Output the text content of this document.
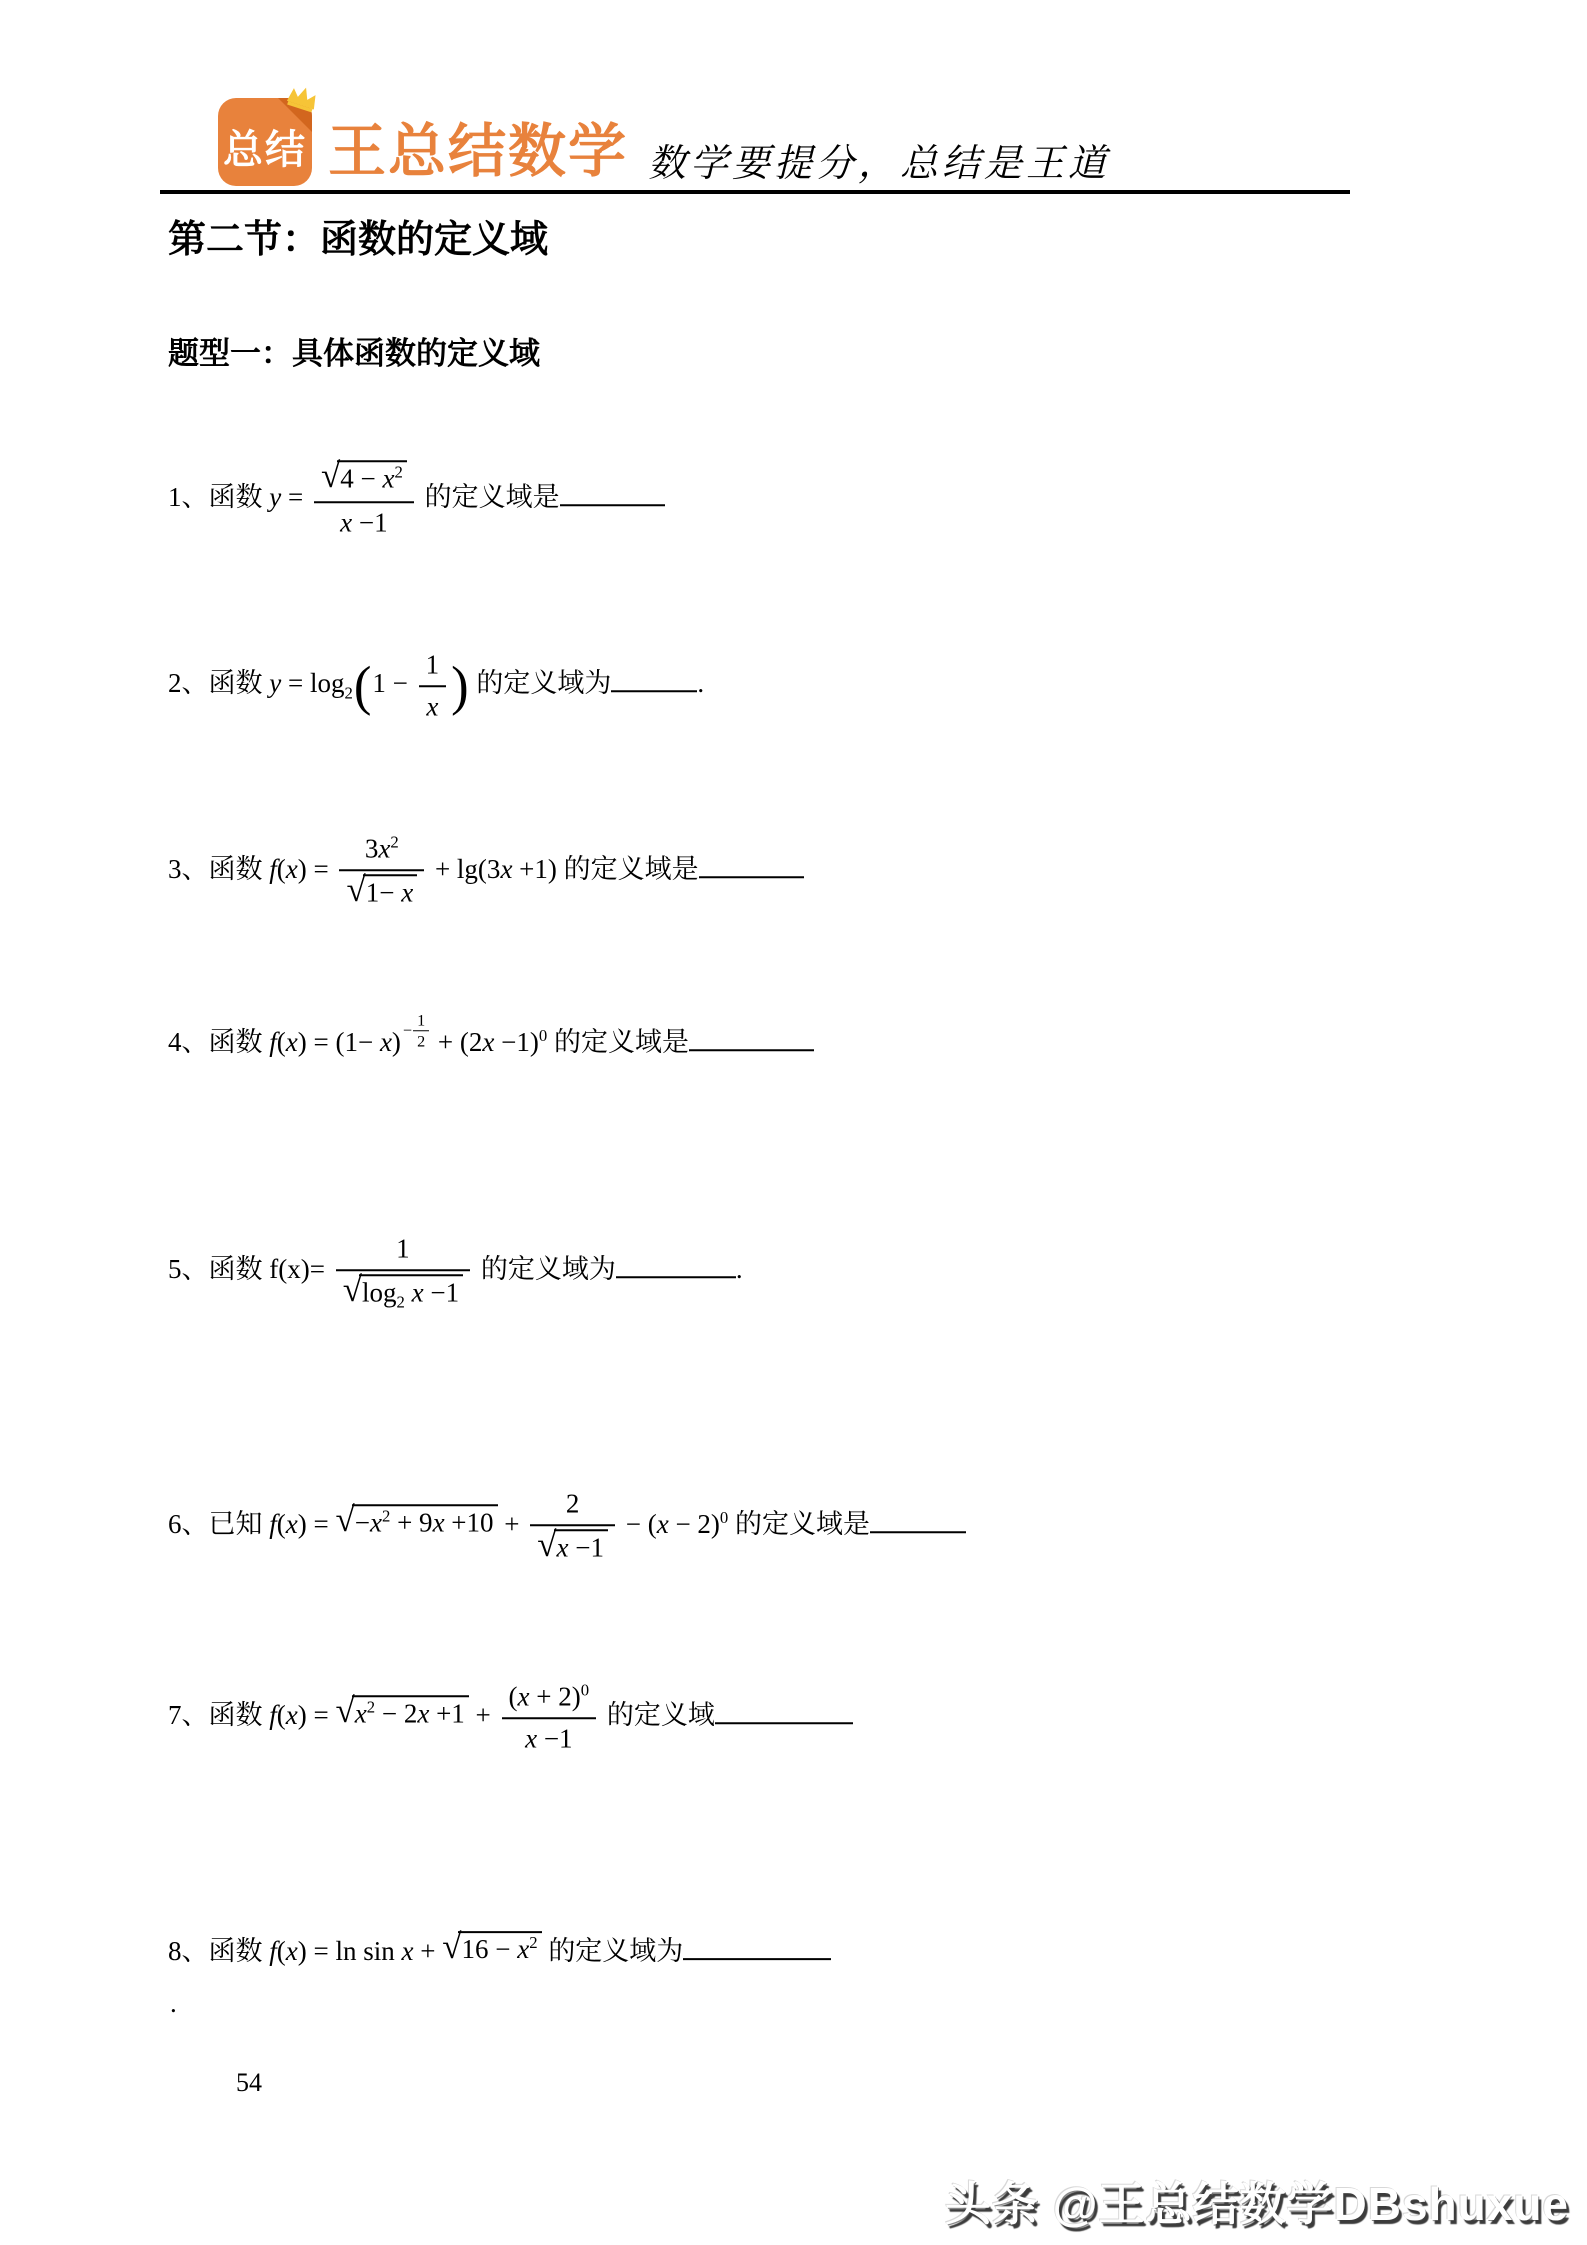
总结 王总结数学 数学要提分，总结是王道
第二节：函数的定义域
题型一：具体函数的定义域
1、函数 $y = \frac{√ 4 - x^2}{x -1}$ 的定义域是
2、函数 $y = \log_2(1 - \frac{1}{x}$ ) 的定义域为	.
3、函数 $f(x) = \frac{3x^2}{√ 1- x} + \lg(3x +1)$ 的定义域是
4、函数 $f(x) = (1- x) - \frac{1}{2} + (2x -1)^0$ 的定义域是
5、函数 $f(x)= \frac{1}{√ \log_2 x -1}$ 的定义域为	.
6、已知 f(x) = √ $-x^2 + 9x +10 + \frac{2}{√ x -1} - (x - 2)^0$ 的定义域是
7、函数 f(x) = √ $x^2 - 2x +1 + \frac{(x + 2)^0}{x -1}$ 的定义域
8、函数 f(x) = ln sin x + √ $16 - x^2$ 的定义域为
.
54
头条 @王总结数学DBshuxue
